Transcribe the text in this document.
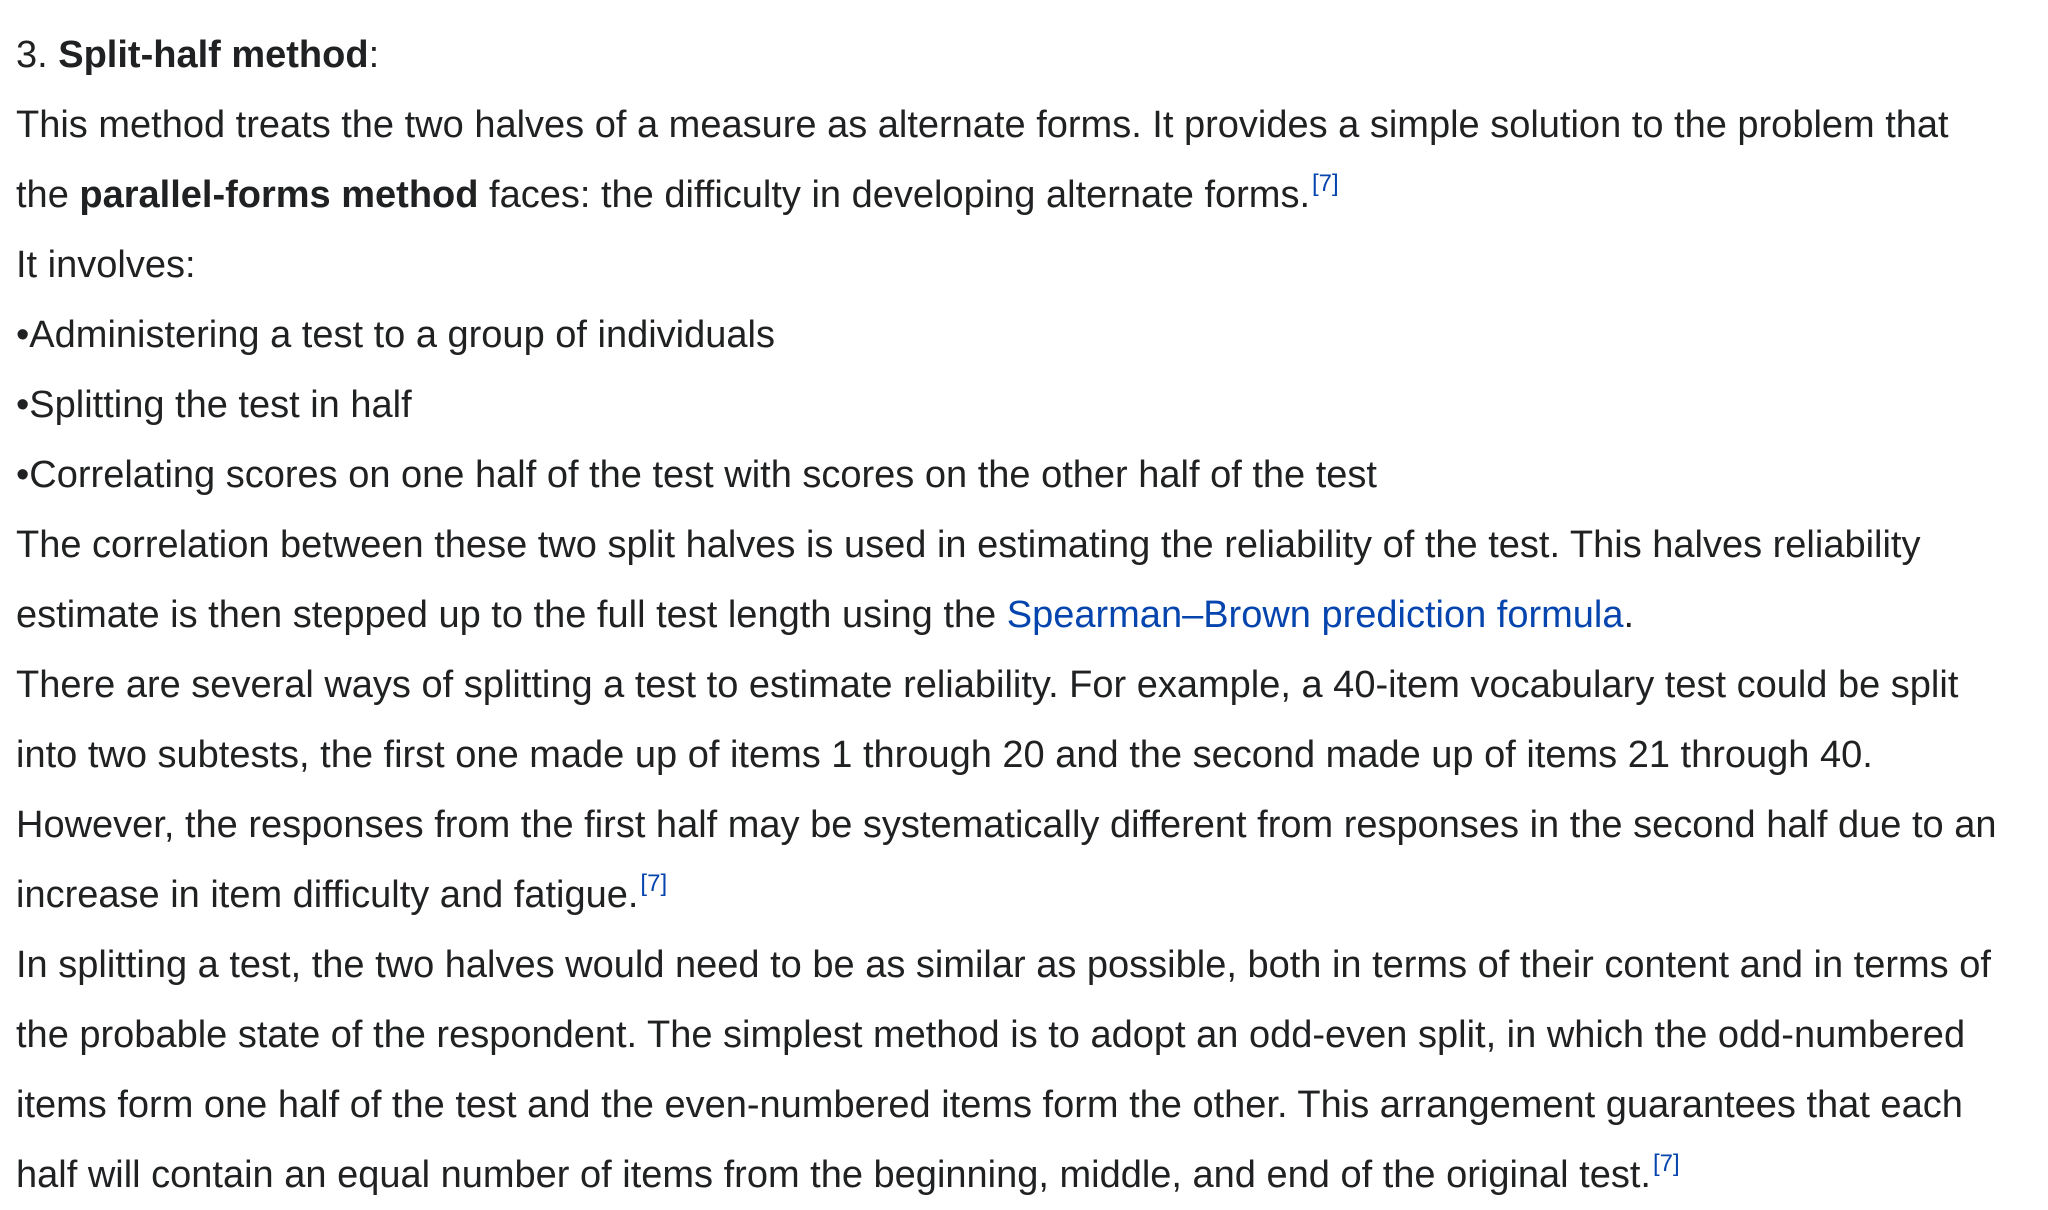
3. Split-half method:
This method treats the two halves of a measure as alternate forms. It provides a simple solution to the problem that
the parallel-forms method faces: the difficulty in developing alternate forms.[7]
It involves:
•Administering a test to a group of individuals
•Splitting the test in half
•Correlating scores on one half of the test with scores on the other half of the test
The correlation between these two split halves is used in estimating the reliability of the test. This halves reliability
estimate is then stepped up to the full test length using the Spearman–Brown prediction formula.
There are several ways of splitting a test to estimate reliability. For example, a 40-item vocabulary test could be split
into two subtests, the first one made up of items 1 through 20 and the second made up of items 21 through 40.
However, the responses from the first half may be systematically different from responses in the second half due to an
increase in item difficulty and fatigue.[7]
In splitting a test, the two halves would need to be as similar as possible, both in terms of their content and in terms of
the probable state of the respondent. The simplest method is to adopt an odd-even split, in which the odd-numbered
items form one half of the test and the even-numbered items form the other. This arrangement guarantees that each
half will contain an equal number of items from the beginning, middle, and end of the original test.[7]
